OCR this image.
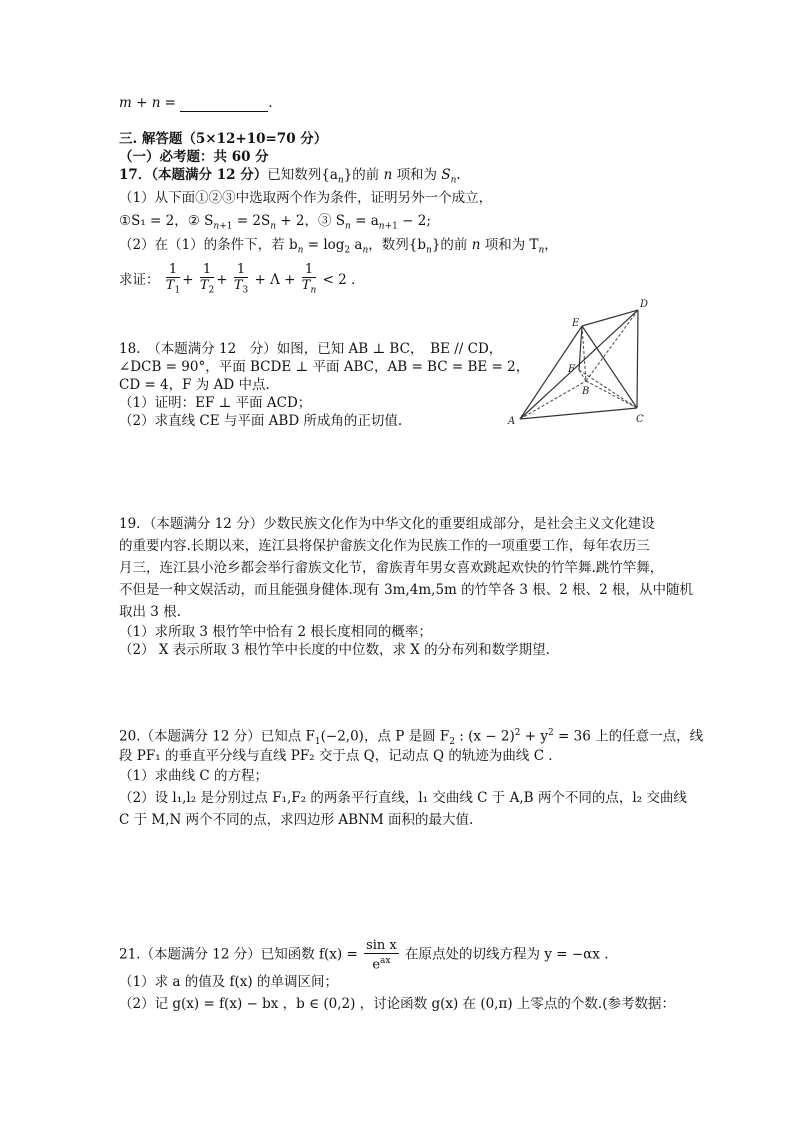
m + n =	.
三. 解答题（5×12+10=70 分）
（一）必考题：共 60 分
17．（本题满分 12 分）已知数列$\{a_n\}$的前 n 项和为 $S_n$.
（1）从下面①②③中选取两个作为条件，证明另外一个成立，
①S₁ = 2，② $S_{n+1} = 2S_n + 2$，③ $S_n = a_{n+1} - 2$;
（2）在（1）的条件下，若 $b_n = \log_2 a_n$，数列$\{b_n\}$的前 n 项和为 $T_n$，
求证： $\frac{1}{T_1} + \frac{1}{T_2} + \frac{1}{T_3} + \Lambda + \frac{1}{T_n} < 2$ .
18.　（本题满分 12　分）如图，已知 AB ⊥ BC，　BE // CD，
∠DCB = 90°，平面 BCDE ⊥ 平面 ABC，AB = BC = BE = 2，
CD = 4，F 为 AD 中点.
（1）证明：EF ⊥ 平面 ACD；
（2）求直线 CE 与平面 ABD 所成角的正切值.
D
E
F
B
A	C
19．（本题满分 12 分）少数民族文化作为中华文化的重要组成部分，是社会主义文化建设
的重要内容.长期以来，连江县将保护畲族文化作为民族工作的一项重要工作，每年农历三
月三，连江县小沧乡都会举行畲族文化节，畲族青年男女喜欢跳起欢快的竹竿舞.跳竹竿舞，
不但是一种文娱活动，而且能强身健体.现有 3m,4m,5m 的竹竿各 3 根、2 根、2 根，从中随机
取出 3 根.
（1）求所取 3 根竹竿中恰有 2 根长度相同的概率；
（2） X 表示所取 3 根竹竿中长度的中位数，求 X 的分布列和数学期望.
20.（本题满分 12 分）已知点 $F_1(-2,0)$，点 P 是圆 $F_2$ : $(x - 2)^2 + y^2 = 36$ 上的任意一点，线
段 PF₁ 的垂直平分线与直线 PF₂ 交于点 Q，记动点 Q 的轨迹为曲线 C .
（1）求曲线 C 的方程；
（2）设 l₁,l₂ 是分别过点 F₁,F₂ 的两条平行直线，l₁ 交曲线 C 于 A,B 两个不同的点，l₂ 交曲线
C 于 M,N 两个不同的点，求四边形 ABNM 面积的最大值.
21.（本题满分 12 分）已知函数 $f(x) = \frac{\text{sin x}}{e^{ax}}$ 在原点处的切线方程为 y = −αx .
（1）求 a 的值及 f(x) 的单调区间；
（2）记 g(x) = f(x) − bx ，b ∈ (0,2) ，讨论函数 g(x) 在 (0,π) 上零点的个数.(参考数据：
